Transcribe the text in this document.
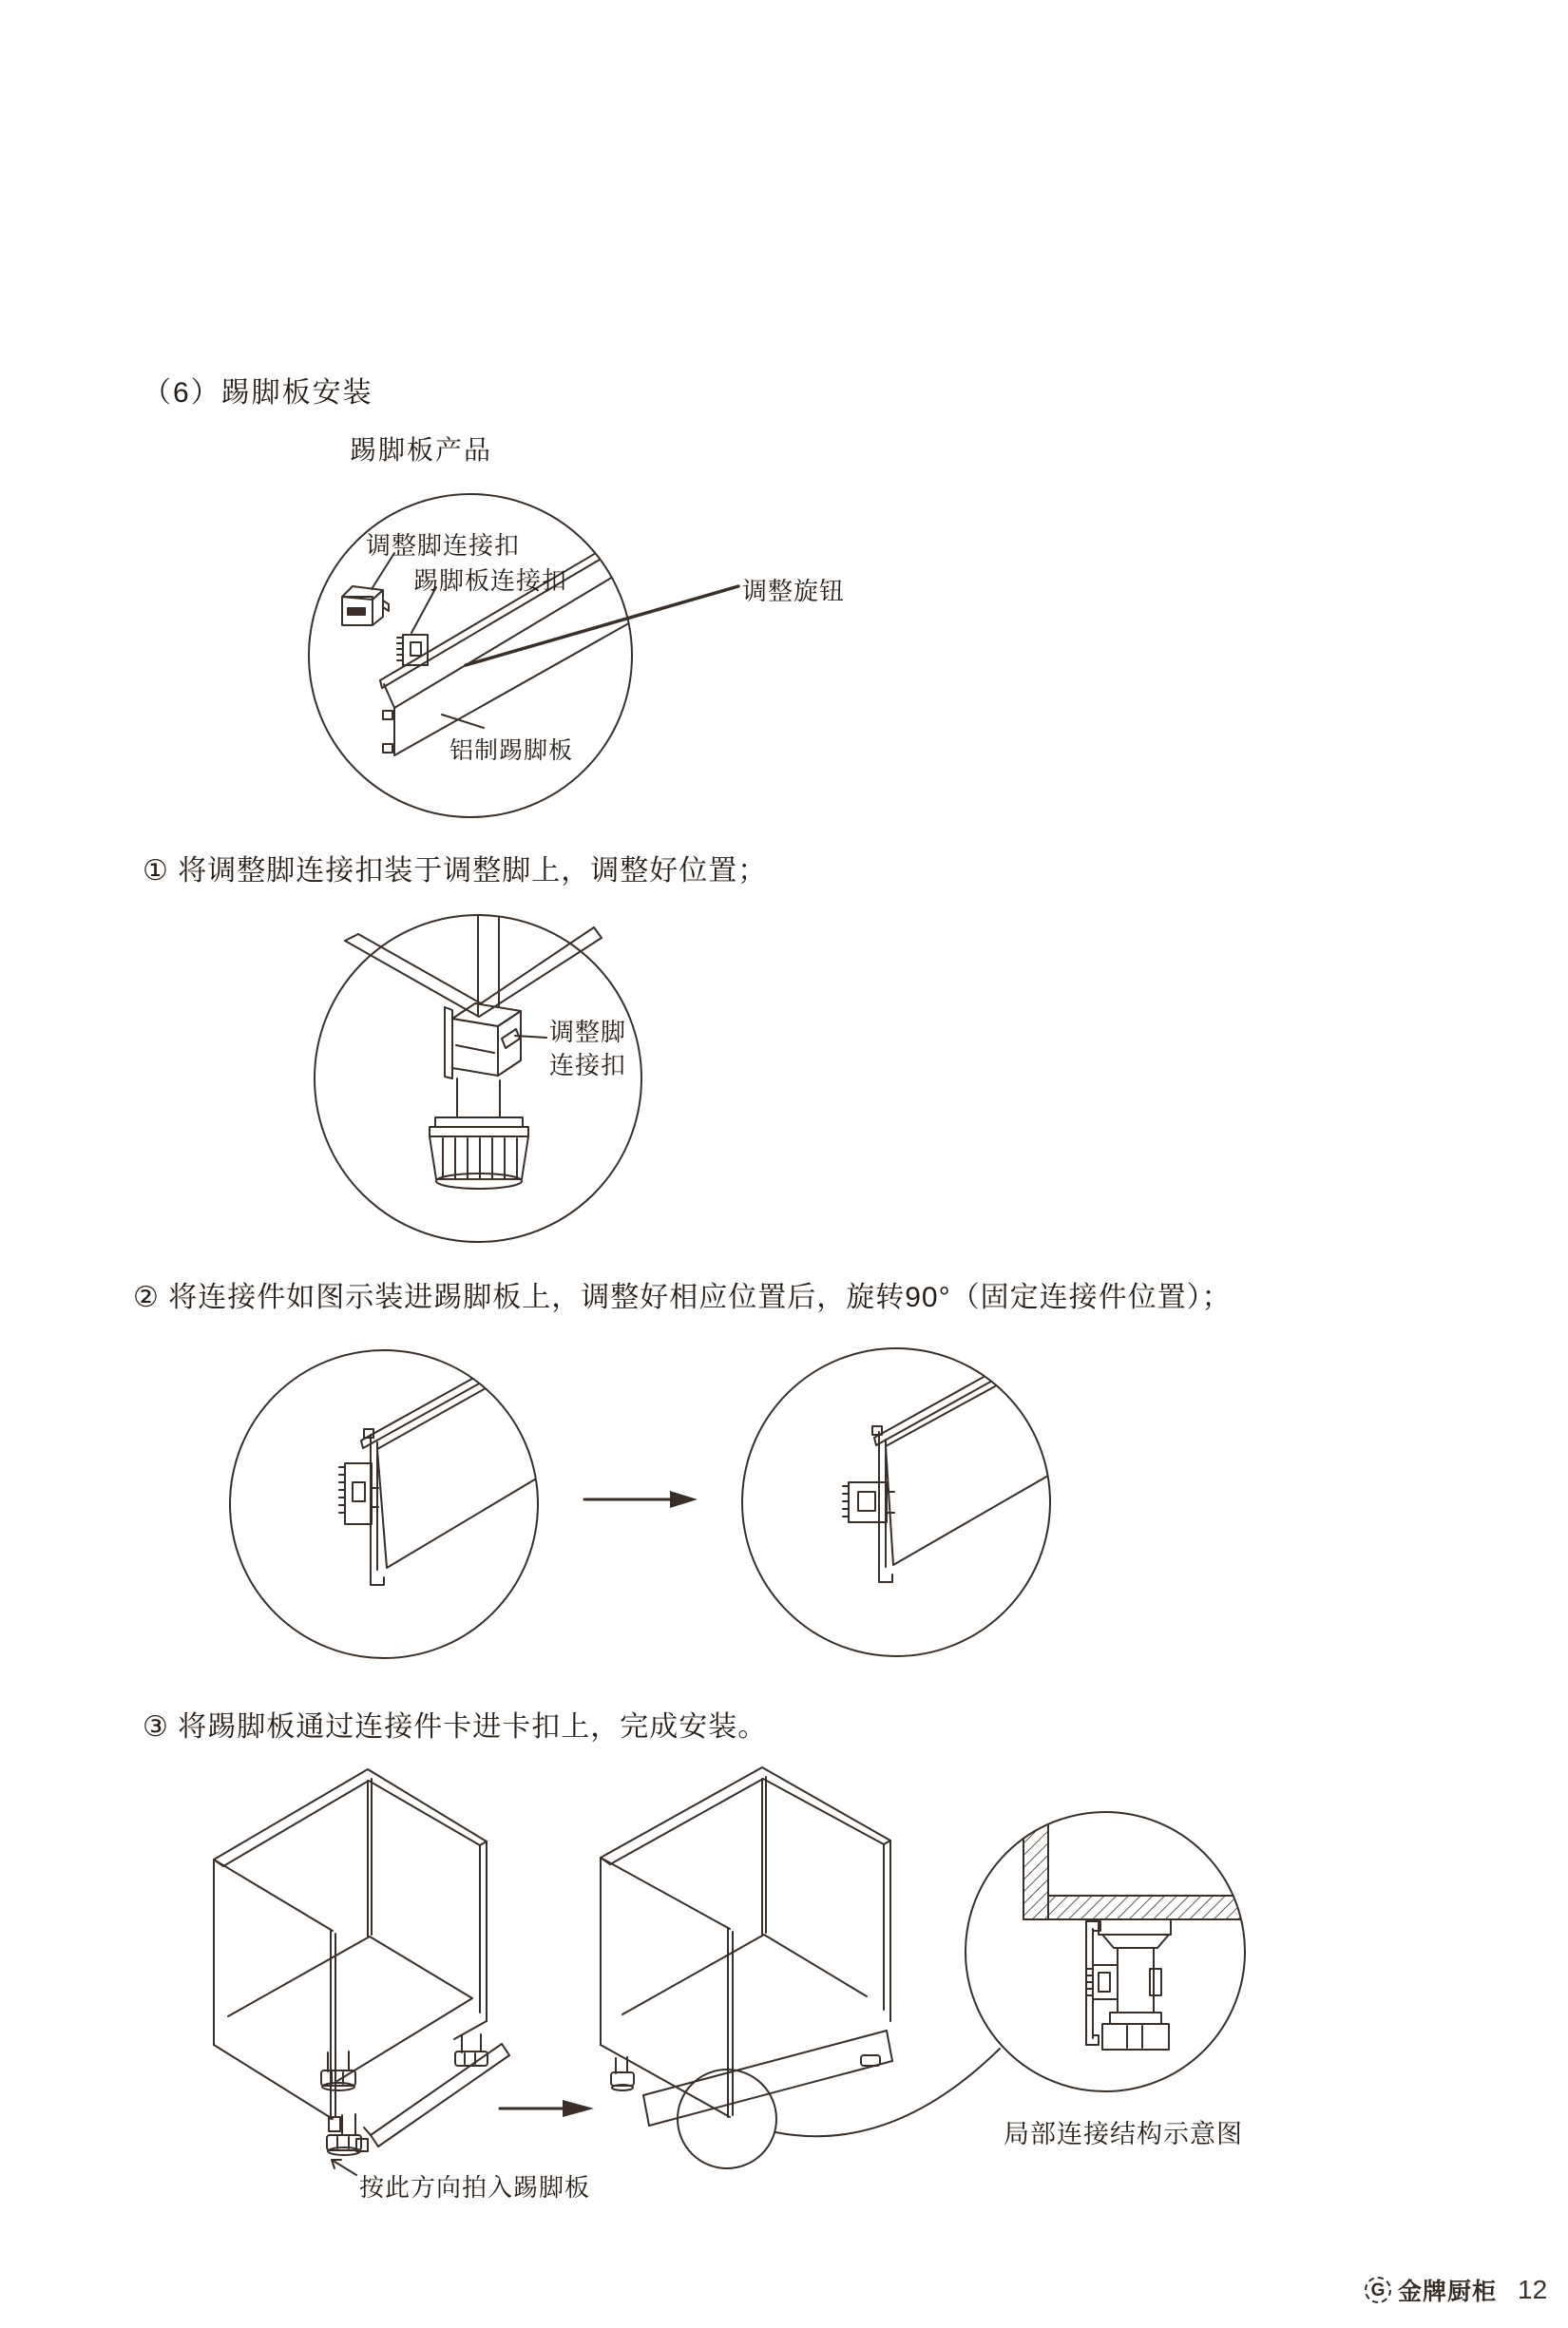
（6）踢脚板安装
踢脚板产品
调整脚连接扣
踢脚板连接扣	调整旋钮
铝制踢脚板
① 将调整脚连接扣装于调整脚上，调整好位置；
调整脚
连接扣
② 将连接件如图示装进踢脚板上，调整好相应位置后，旋转90°（固定连接件位置）；
③ 将踢脚板通过连接件卡进卡扣上，完成安装。
按此方向拍入踢脚板
局部连接结构示意图
G 金牌厨柜 12
